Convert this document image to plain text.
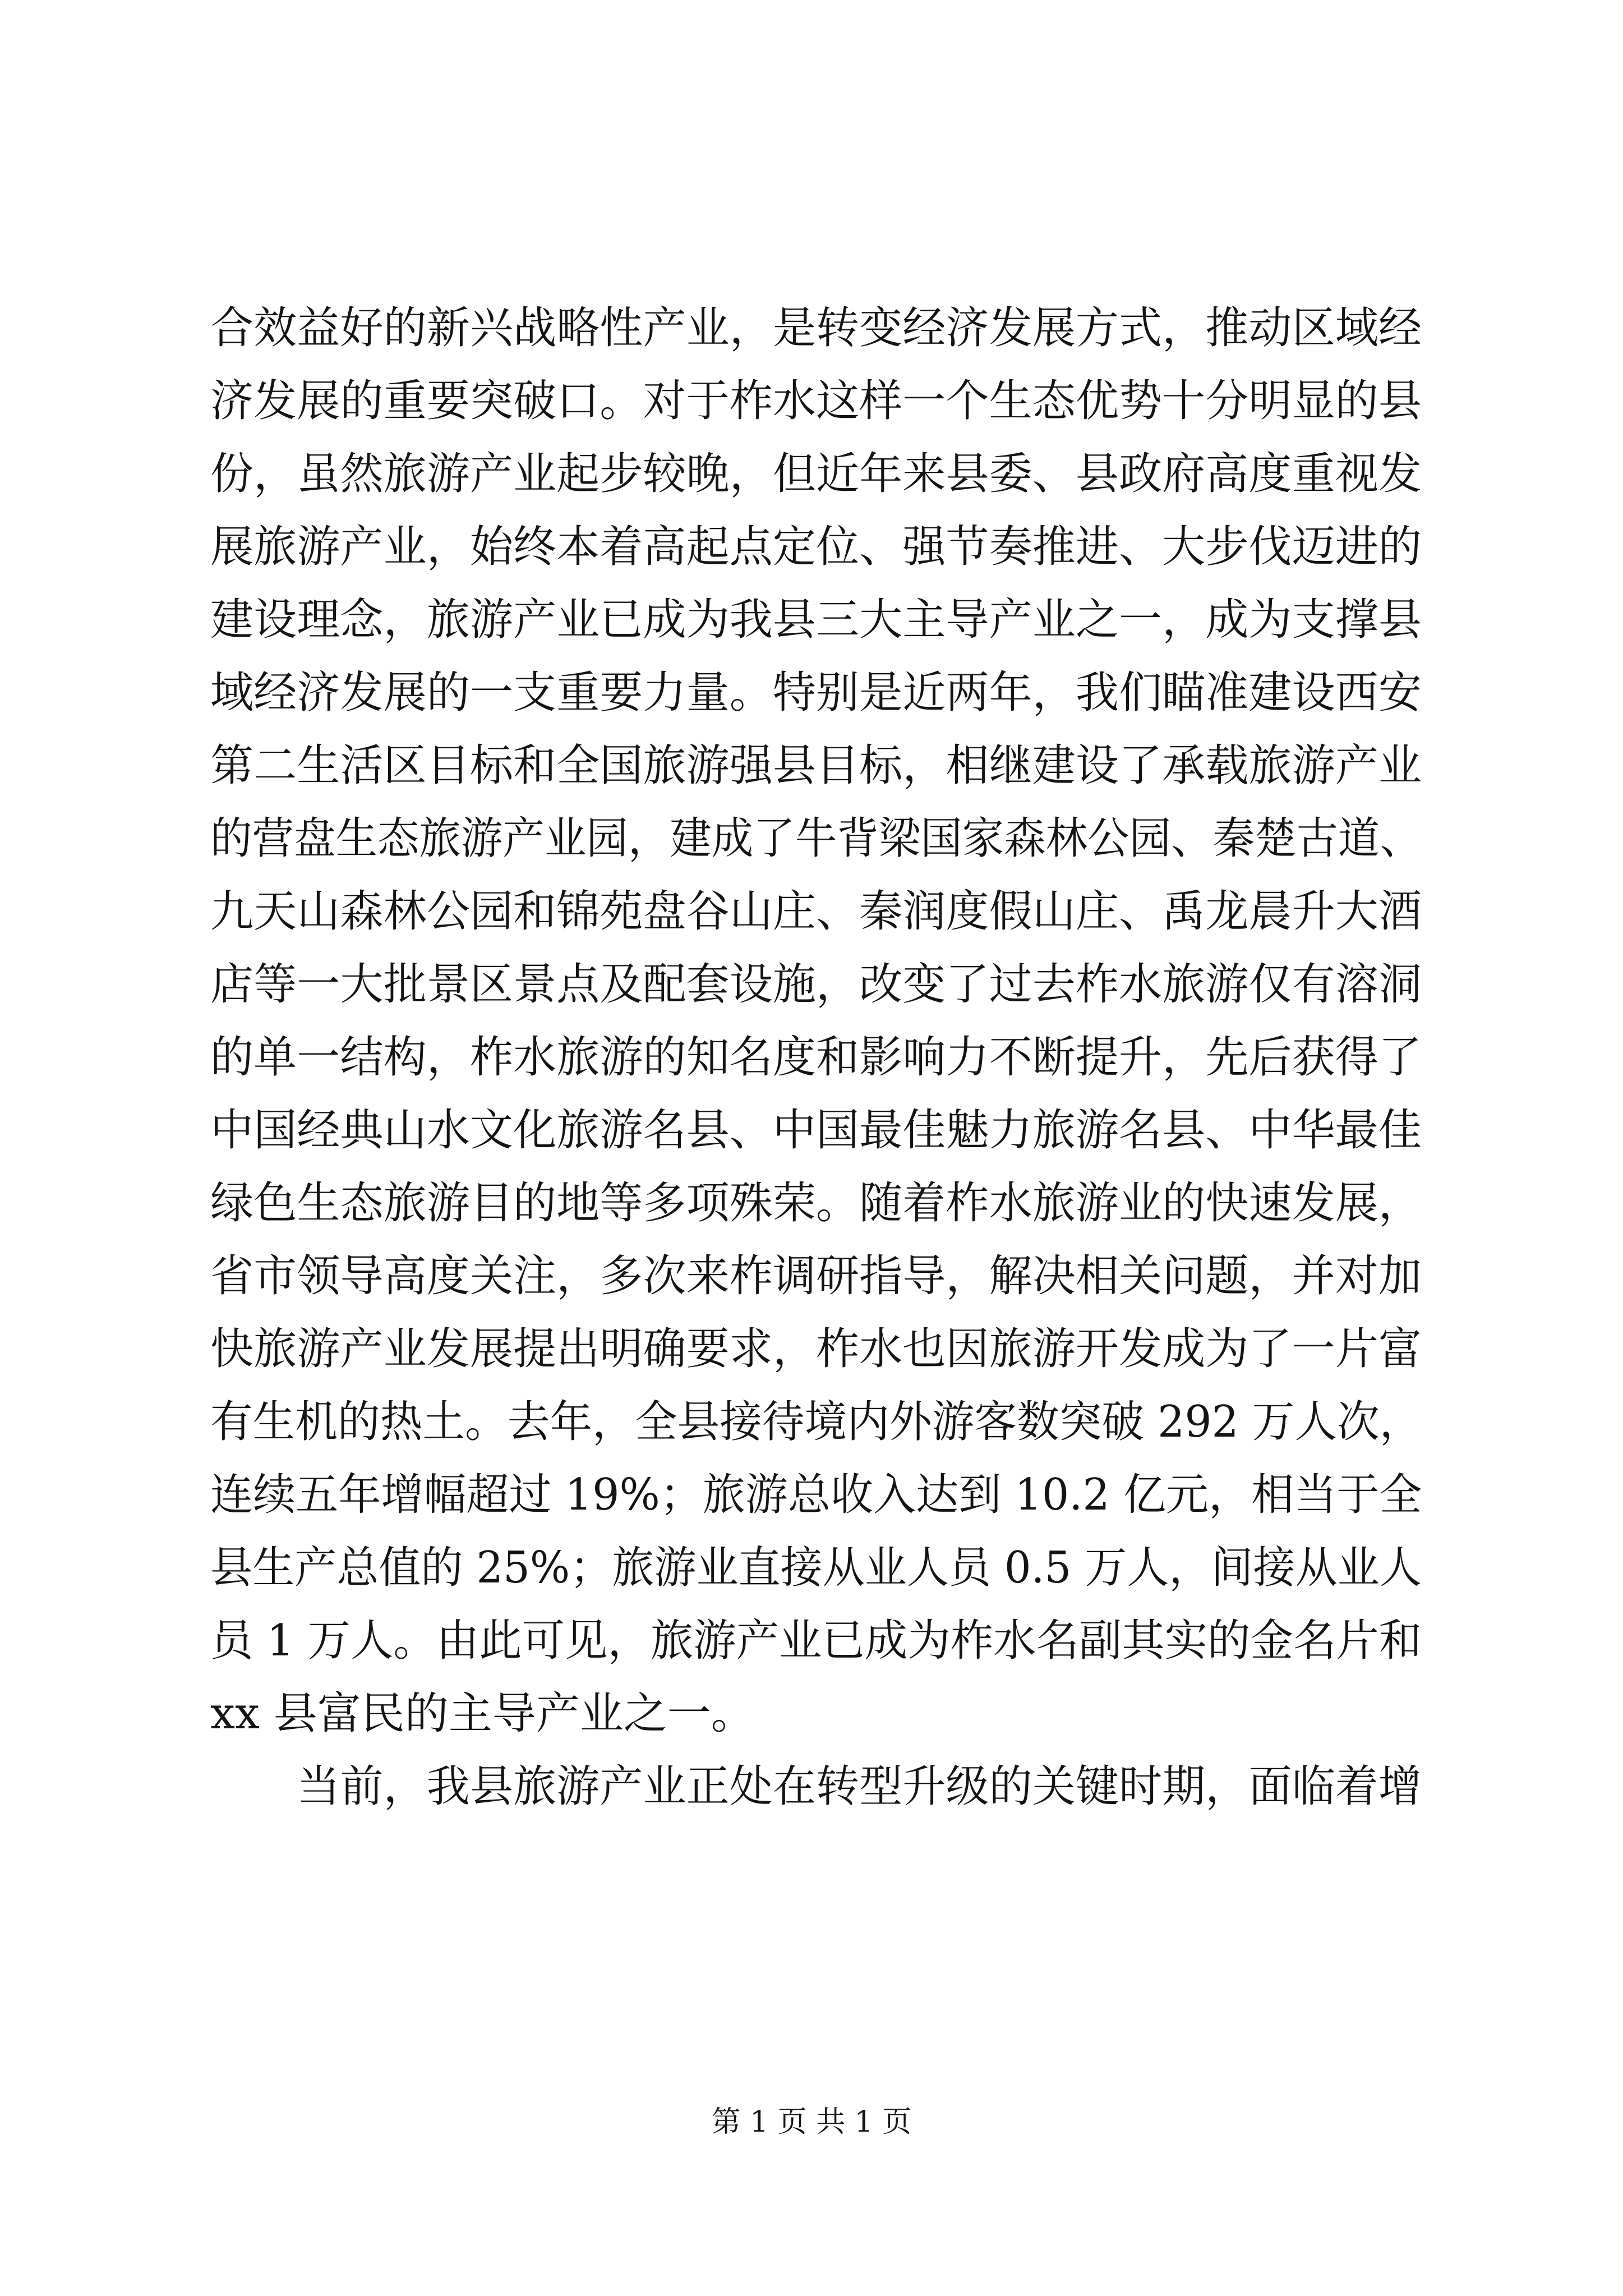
合效益好的新兴战略性产业，是转变经济发展方式，推动区域经
济发展的重要突破口。对于柞水这样一个生态优势十分明显的县
份，虽然旅游产业起步较晚，但近年来县委、县政府高度重视发
展旅游产业，始终本着高起点定位、强节奏推进、大步伐迈进的
建设理念，旅游产业已成为我县三大主导产业之一，成为支撑县
域经济发展的一支重要力量。特别是近两年，我们瞄准建设西安
第二生活区目标和全国旅游强县目标，相继建设了承载旅游产业
的营盘生态旅游产业园，建成了牛背梁国家森林公园、秦楚古道、
九天山森林公园和锦苑盘谷山庄、秦润度假山庄、禹龙晨升大酒
店等一大批景区景点及配套设施，改变了过去柞水旅游仅有溶洞
的单一结构，柞水旅游的知名度和影响力不断提升，先后获得了
中国经典山水文化旅游名县、中国最佳魅力旅游名县、中华最佳
绿色生态旅游目的地等多项殊荣。随着柞水旅游业的快速发展，
省市领导高度关注，多次来柞调研指导，解决相关问题，并对加
快旅游产业发展提出明确要求，柞水也因旅游开发成为了一片富
有生机的热土。去年，全县接待境内外游客数突破 292 万人次，
连续五年增幅超过 19%；旅游总收入达到 10.2 亿元，相当于全
县生产总值的 25%；旅游业直接从业人员 0.5 万人，间接从业人
员 1 万人。由此可见，旅游产业已成为柞水名副其实的金名片和
xx 县富民的主导产业之一。
　　当前，我县旅游产业正处在转型升级的关键时期，面临着增
第 1 页 共 1 页
